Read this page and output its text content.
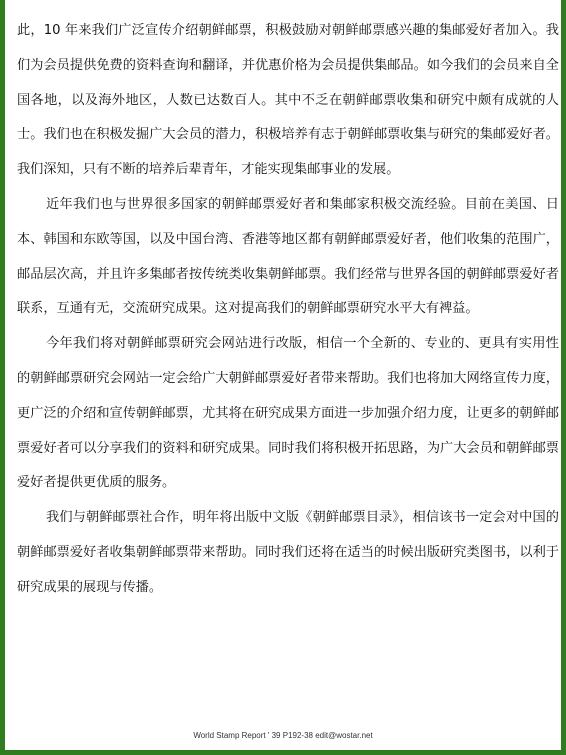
此，10 年来我们广泛宣传介绍朝鲜邮票，积极鼓励对朝鲜邮票感兴趣的集邮爱好者加入。我们为会员提供免费的资料查询和翻译，并优惠价格为会员提供集邮品。如今我们的会员来自全国各地，以及海外地区，人数已达数百人。其中不乏在朝鲜邮票收集和研究中颇有成就的人士。我们也在积极发掘广大会员的潜力，积极培养有志于朝鲜邮票收集与研究的集邮爱好者。我们深知，只有不断的培养后辈青年，才能实现集邮事业的发展。

近年我们也与世界很多国家的朝鲜邮票爱好者和集邮家积极交流经验。目前在美国、日本、韩国和东欧等国，以及中国台湾、香港等地区都有朝鲜邮票爱好者，他们收集的范围广，邮品层次高，并且许多集邮者按传统类收集朝鲜邮票。我们经常与世界各国的朝鲜邮票爱好者联系，互通有无，交流研究成果。这对提高我们的朝鲜邮票研究水平大有裨益。

今年我们将对朝鲜邮票研究会网站进行改版，相信一个全新的、专业的、更具有实用性的朝鲜邮票研究会网站一定会给广大朝鲜邮票爱好者带来帮助。我们也将加大网络宣传力度，更广泛的介绍和宣传朝鲜邮票，尤其将在研究成果方面进一步加强介绍力度，让更多的朝鲜邮票爱好者可以分享我们的资料和研究成果。同时我们将积极开拓思路，为广大会员和朝鲜邮票爱好者提供更优质的服务。

我们与朝鲜邮票社合作，明年将出版中文版《朝鲜邮票目录》，相信该书一定会对中国的朝鲜邮票爱好者收集朝鲜邮票带来帮助。同时我们还将在适当的时候出版研究类图书，以利于研究成果的展现与传播。

World Stamp Report ' 39 P192-38 edit@wostar.net
